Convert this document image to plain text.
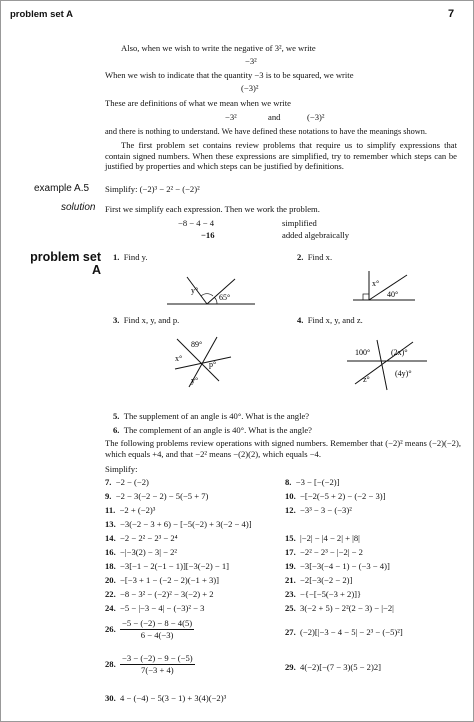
problem set A	7
Also, when we wish to write the negative of 3², we write
−3²
When we wish to indicate that the quantity −3 is to be squared, we write
(−3)²
These are definitions of what we mean when we write
−3²	and	(−3)²
and there is nothing to understand. We have defined these notations to have the meanings shown.
The first problem set contains review problems that require us to simplify expressions that contain signed numbers. When these expressions are simplified, try to remember which steps can be justified by properties and which steps can be justified by definitions.
example A.5 Simplify: (−2)³ − 2² − (−2)²
solution First we simplify each expression. Then we work the problem.
−8 − 4 − 4	simplified
−16	added algebraically
problem set
A
1. Find y.	2. Find x.
y°
65°
x°
40°
3. Find x, y, and p.	4. Find x, y, and z.
89°
x°
p°
y°
100°	(2x)°
z°
(4y)°
5. The supplement of an angle is 40°. What is the angle?
6. The complement of an angle is 40°. What is the angle?
The following problems review operations with signed numbers. Remember that (−2)² means (−2)(−2), which equals +4, and that −2² means −(2)(2), which equals −4.
Simplify:
7. −2 − (−2)	8. −3 − [−(−2)]
9. −2 − 3(−2 − 2) − 5(−5 + 7)	10. −[−2(−5 + 2) − (−2 − 3)]
11. −2 + (−2)³	12. −3³ − 3 − (−3)²
13. −3(−2 − 3 + 6) − [−5(−2) + 3(−2 − 4)]
14. −2 − 2² − 2³ − 2⁴	15. |−2| − |4 − 2| + |8|
16. −|−3(2) − 3| − 2²	17. −2² − 2³ − |−2| − 2
18. −3[−1 − 2(−1 − 1)][−3(−2) − 1]	19. −3[−3(−4 − 1) − (−3 − 4)]
20. −[−3 + 1 − (−2 − 2)(−1 + 3)]	21. −2[−3(−2 − 2)]
22. −8 − 3² − (−2)² − 3(−2) + 2	23. −{−[−5(−3 + 2)]}
24. −5 − |−3 − 4| − (−3)² − 3	25. 3(−2 + 5) − 2²(2 − 3) − |−2|
26. $\frac{-5 - (-2) - 8 - 4(5)}{6 - 4(-3)}$	27. (−2)[|−3 − 4 − 5| − 2³ − (−5)²]
28. $\frac{-3 - (-2) - 9 - (-5)}{7(-3 + 4)}$	29. 4(−2)[−(7 − 3)(5 − 2)2]
30. 4 − (−4) − 5(3 − 1) + 3(4)(−2)³
